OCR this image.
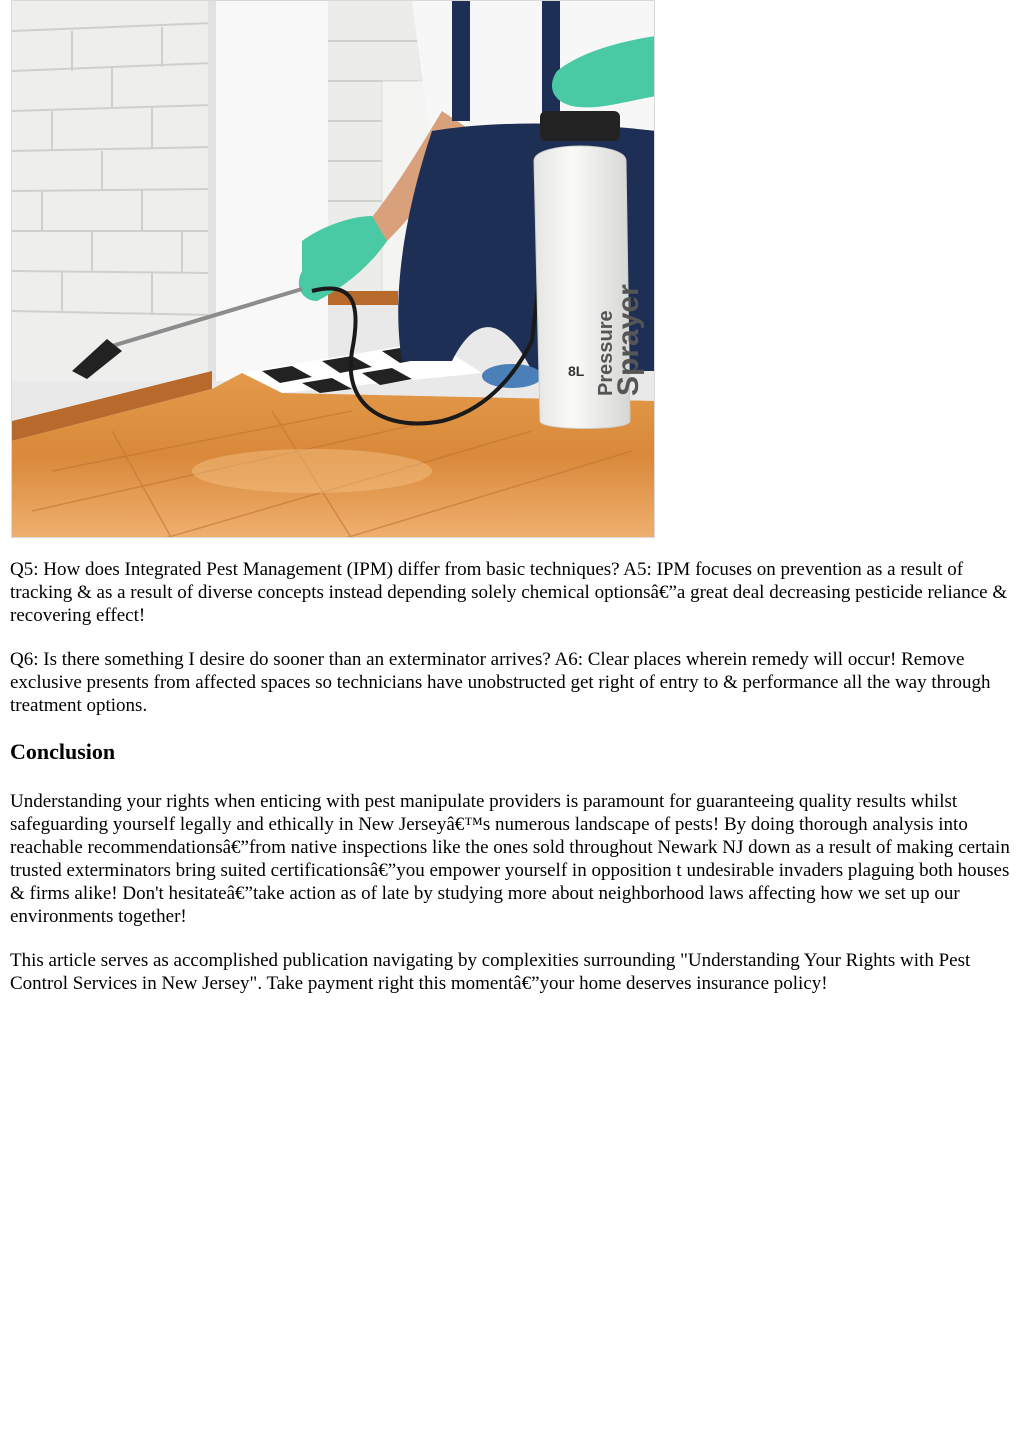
Pressure
Sprayer
8L

Q5: How does Integrated Pest Management (IPM) differ from basic techniques? A5: IPM focuses on prevention as a result of tracking & as a result of diverse concepts instead depending solely chemical optionsâ€”a great deal decreasing pesticide reliance & recovering effect!

Q6: Is there something I desire do sooner than an exterminator arrives? A6: Clear places wherein remedy will occur! Remove exclusive presents from affected spaces so technicians have unobstructed get right of entry to & performance all the way through treatment options.

Conclusion

Understanding your rights when enticing with pest manipulate providers is paramount for guaranteeing quality results whilst safeguarding yourself legally and ethically in New Jerseyâ€™s numerous landscape of pests! By doing thorough analysis into reachable recommendationsâ€”from native inspections like the ones sold throughout Newark NJ down as a result of making certain trusted exterminators bring suited certificationsâ€”you empower yourself in opposition t undesirable invaders plaguing both houses & firms alike! Don't hesitateâ€”take action as of late by studying more about neighborhood laws affecting how we set up our environments together!

This article serves as accomplished publication navigating by complexities surrounding "Understanding Your Rights with Pest Control Services in New Jersey". Take payment right this momentâ€”your home deserves insurance policy!
